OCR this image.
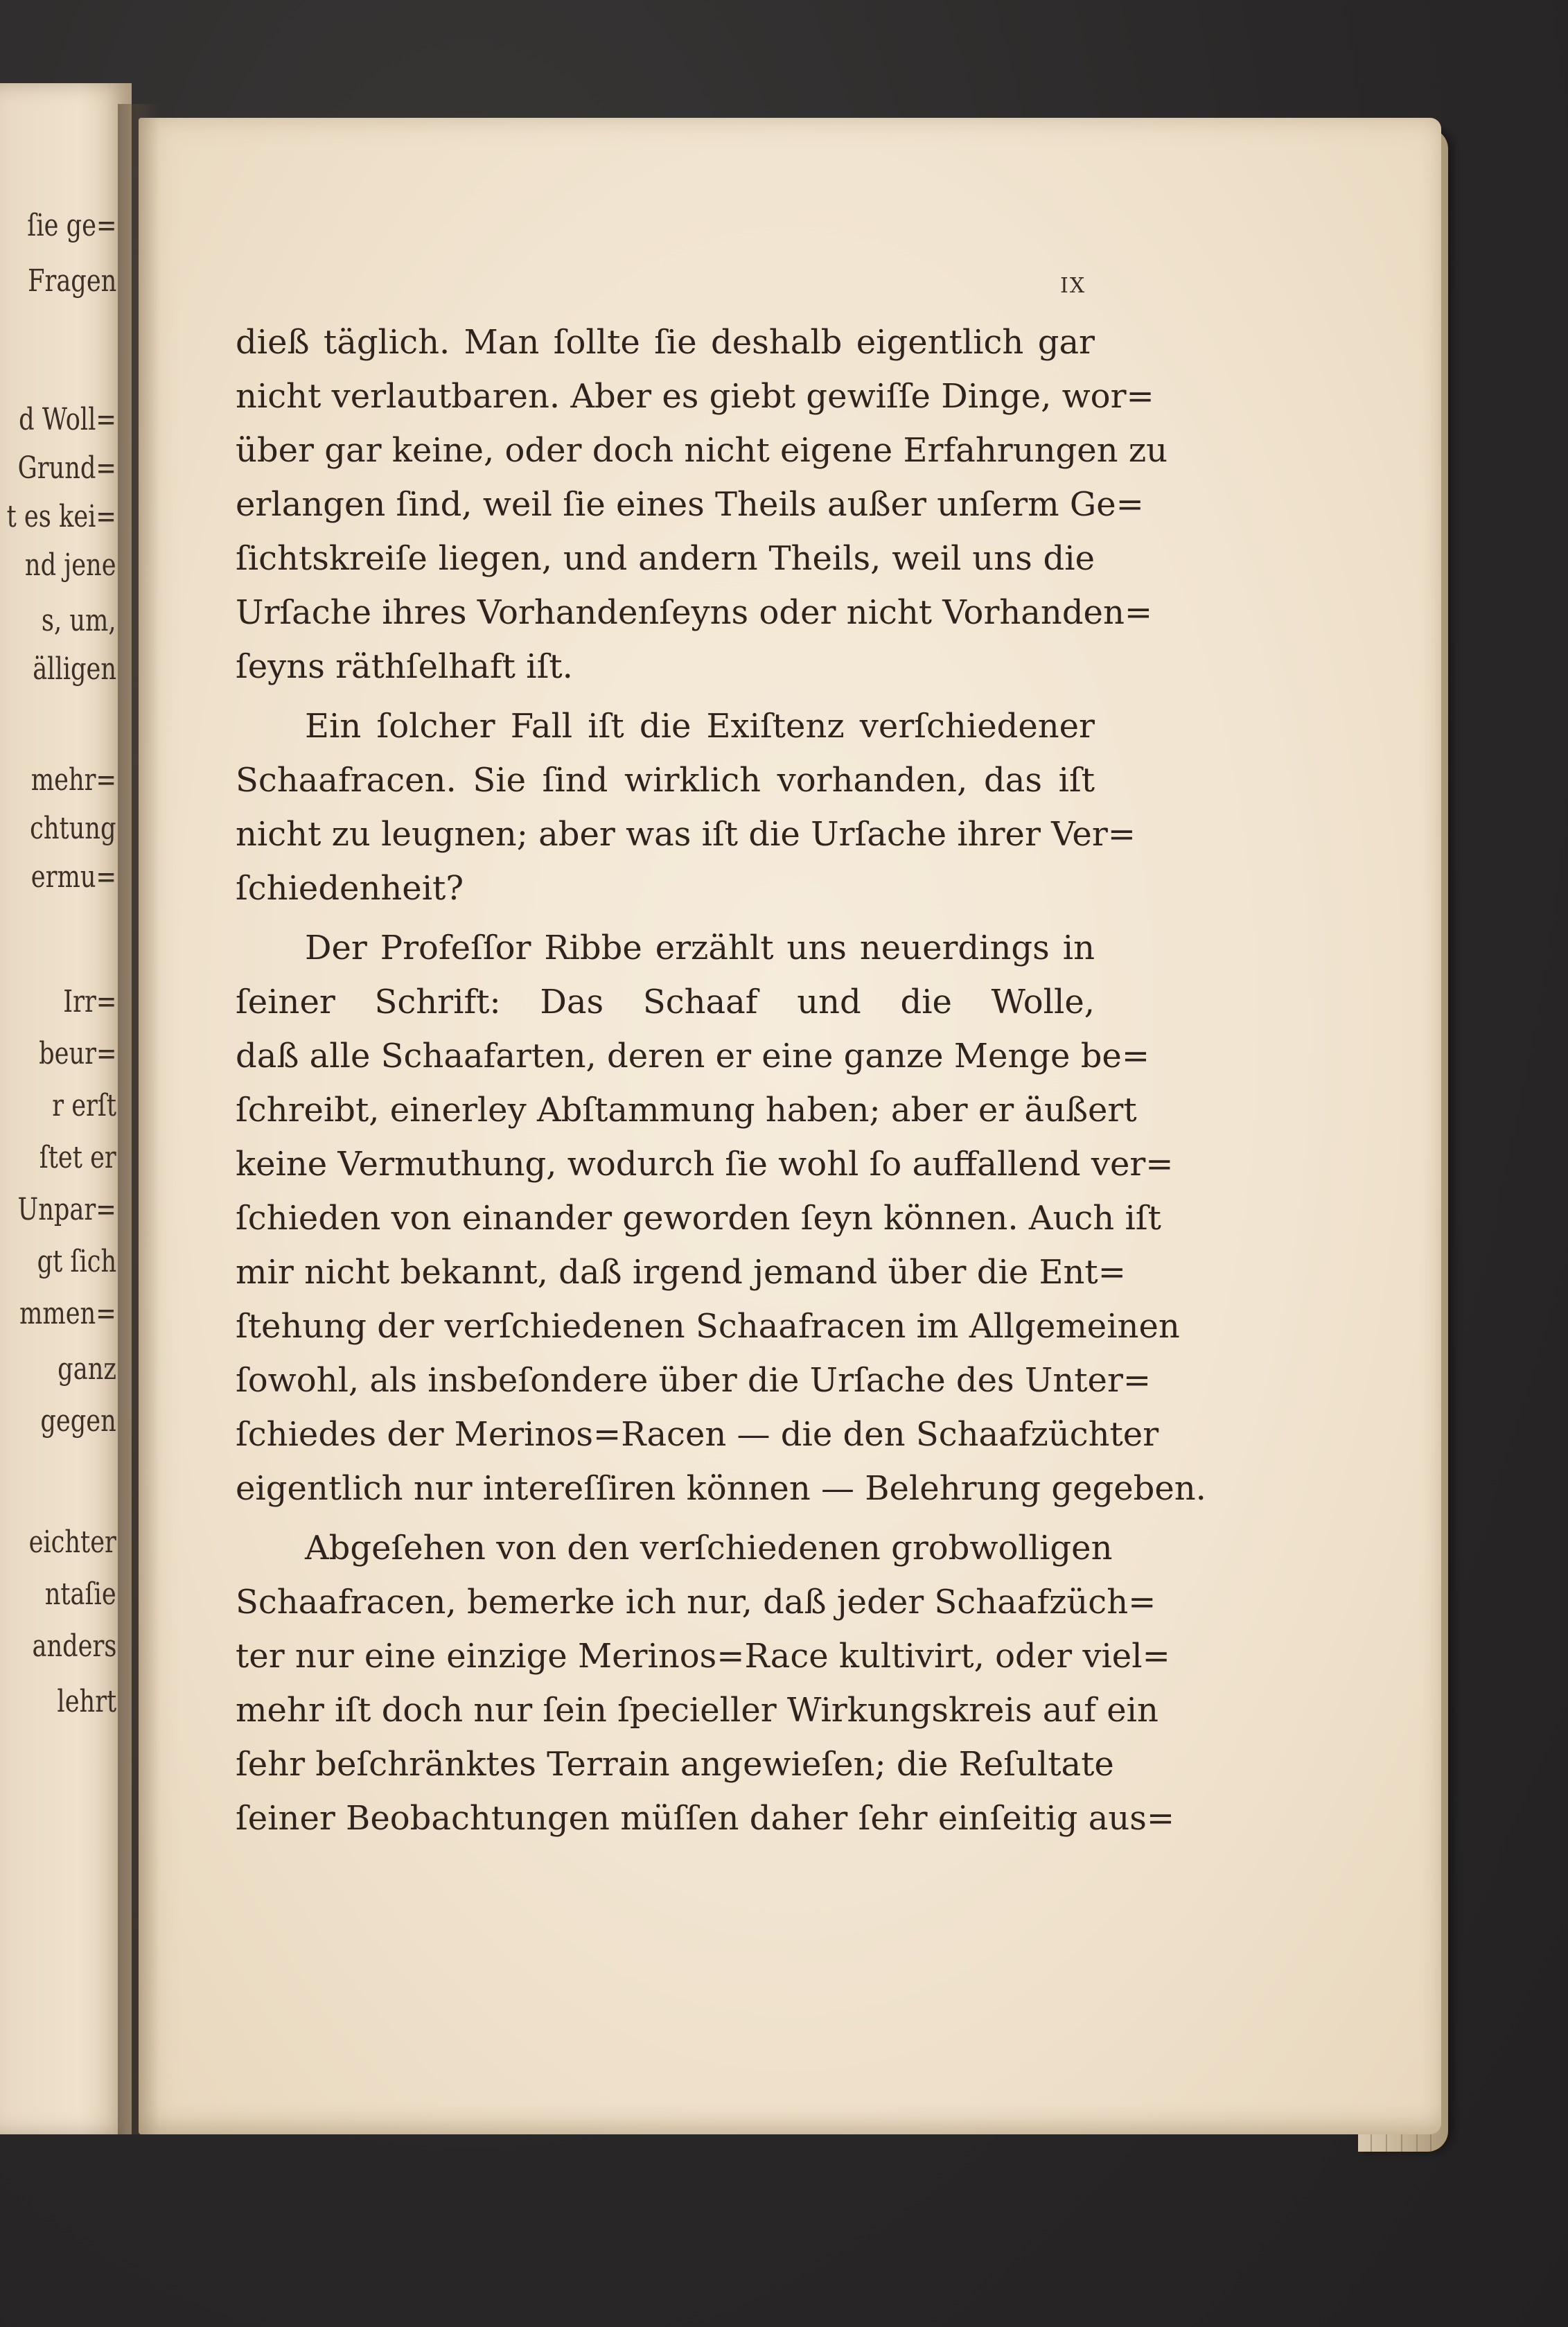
ſie ge=
Fragen
d Woll=
Grund=
t es kei=
nd jene
s, um,
älligen
mehr=
chtung
ermu=
Irr=
beur=
r erſt
ſtet er
Unpar=
gt ſich
mmen=
ganz
gegen
eichter
ntaſie
anders
lehrt
IX

dieß täglich. Man ſollte ſie deshalb eigentlich gar
nicht verlautbaren. Aber es giebt gewiſſe Dinge, wor=
über gar keine, oder doch nicht eigene Erfahrungen zu
erlangen ſind, weil ſie eines Theils außer unſerm Ge=
ſichtskreiſe liegen, und andern Theils, weil uns die
Urſache ihres Vorhandenſeyns oder nicht Vorhanden=
ſeyns räthſelhaft iſt.

Ein ſolcher Fall iſt die Exiſtenz verſchiedener
Schaafracen. Sie ſind wirklich vorhanden, das iſt
nicht zu leugnen; aber was iſt die Urſache ihrer Ver=
ſchiedenheit?

Der Profeſſor Ribbe erzählt uns neuerdings in
ſeiner Schrift: Das Schaaf und die Wolle,
daß alle Schaafarten, deren er eine ganze Menge be=
ſchreibt, einerley Abſtammung haben; aber er äußert
keine Vermuthung, wodurch ſie wohl ſo auffallend ver=
ſchieden von einander geworden ſeyn können. Auch iſt
mir nicht bekannt, daß irgend jemand über die Ent=
ſtehung der verſchiedenen Schaafracen im Allgemeinen
ſowohl, als insbeſondere über die Urſache des Unter=
ſchiedes der Merinos=Racen — die den Schaafzüchter
eigentlich nur intereſſiren können — Belehrung gegeben.

Abgeſehen von den verſchiedenen grobwolligen
Schaafracen, bemerke ich nur, daß jeder Schaafzüch=
ter nur eine einzige Merinos=Race kultivirt, oder viel=
mehr iſt doch nur ſein ſpecieller Wirkungskreis auf ein
ſehr beſchränktes Terrain angewieſen; die Reſultate
ſeiner Beobachtungen müſſen daher ſehr einſeitig aus=
